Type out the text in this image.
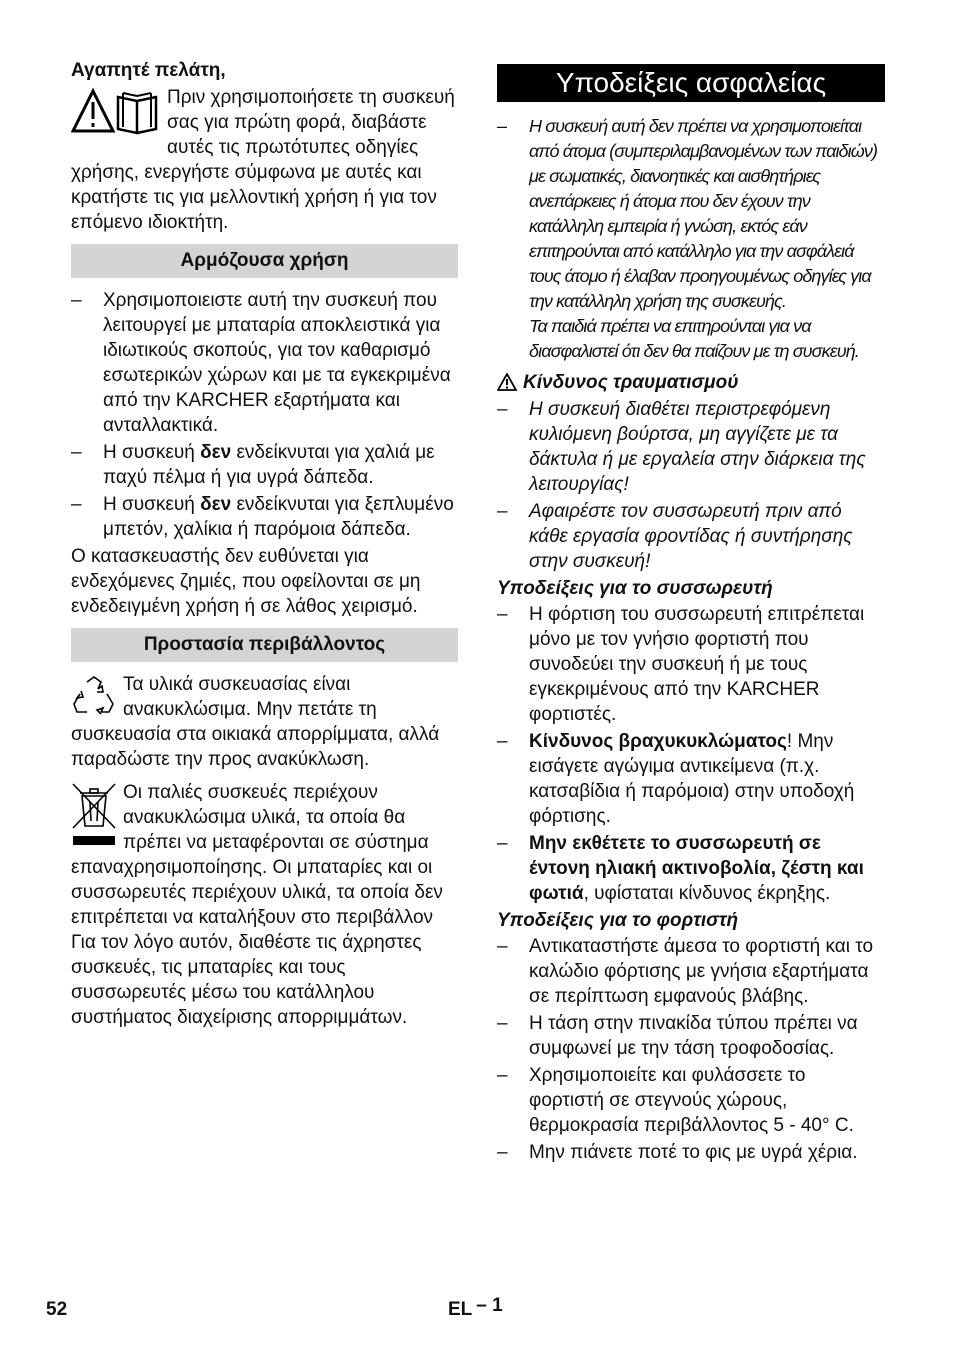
Αγαπητέ πελάτη,

Πριν χρησιμοποιήσετε τη συσκευή σας για πρώτη φορά, διαβάστε αυτές τις πρωτότυπες οδηγίες χρήσης, ενεργήστε σύμφωνα με αυτές και κρατήστε τις για μελλοντική χρήση ή για τον επόμενο ιδιοκτήτη.

Αρμόζουσα χρήση
– Χρησιμοποιειστε αυτή την συσκευή που λειτουργεί με μπαταρία αποκλειστικά για ιδιωτικούς σκοπούς, για τον καθαρισμό εσωτερικών χώρων και με τα εγκεκριμένα από την KARCHER εξαρτήματα και ανταλλακτικά.
– Η συσκευή δεν ενδείκνυται για χαλιά με παχύ πέλμα ή για υγρά δάπεδα.
– Η συσκευή δεν ενδείκνυται για ξεπλυμένο μπετόν, χαλίκια ή παρόμοια δάπεδα.

Ο κατασκευαστής δεν ευθύνεται για ενδεχόμενες ζημιές, που οφείλονται σε μη ενδεδειγμένη χρήση ή σε λάθος χειρισμό.

Προστασία περιβάλλοντος

Τα υλικά συσκευασίας είναι ανακυκλώσιμα. Μην πετάτε τη συσκευασία στα οικιακά απορρίμματα, αλλά παραδώστε την προς ανακύκλωση.

Οι παλιές συσκευές περιέχουν ανακυκλώσιμα υλικά, τα οποία θα πρέπει να μεταφέρονται σε σύστημα επαναχρησιμοποίησης. Οι μπαταρίες και οι συσσωρευτές περιέχουν υλικά, τα οποία δεν επιτρέπεται να καταλήξουν στο περιβάλλον Για τον λόγο αυτόν, διαθέστε τις άχρηστες συσκευές, τις μπαταρίες και τους συσσωρευτές μέσω του κατάλληλου συστήματος διαχείρισης απορριμμάτων.

Υποδείξεις ασφαλείας
– Η συσκευή αυτή δεν πρέπει να χρησιμοποιείται από άτομα (συμπεριλαμβανομένων των παιδιών) με σωματικές, διανοητικές και αισθητήριες ανεπάρκειες ή άτομα που δεν έχουν την κατάλληλη εμπειρία ή γνώση, εκτός εάν επιτηρούνται από κατάλληλο για την ασφάλειά τους άτομο ή έλαβαν προηγουμένως οδηγίες για την κατάλληλη χρήση της συσκευής.
Τα παιδιά πρέπει να επιτηρούνται για να διασφαλιστεί ότι δεν θα παίζουν με τη συσκευή.
Κίνδυνος τραυματισμού
– Η συσκευή διαθέτει περιστρεφόμενη κυλιόμενη βούρτσα, μη αγγίζετε με τα δάκτυλα ή με εργαλεία στην διάρκεια της λειτουργίας!
– Αφαιρέστε τον συσσωρευτή πριν από κάθε εργασία φροντίδας ή συντήρησης στην συσκευή!
Υποδείξεις για το συσσωρευτή
– Η φόρτιση του συσσωρευτή επιτρέπεται μόνο με τον γνήσιο φορτιστή που συνοδεύει την συσκευή ή με τους εγκεκριμένους από την KARCHER φορτιστές.
– Κίνδυνος βραχυκυκλώματος! Μην εισάγετε αγώγιμα αντικείμενα (π.χ. κατσαβίδια ή παρόμοια) στην υποδοχή φόρτισης.
– Μην εκθέτετε το συσσωρευτή σε έντονη ηλιακή ακτινοβολία, ζέστη και φωτιά, υφίσταται κίνδυνος έκρηξης.
Υποδείξεις για το φορτιστή
– Αντικαταστήστε άμεσα το φορτιστή και το καλώδιο φόρτισης με γνήσια εξαρτήματα σε περίπτωση εμφανούς βλάβης.
– Η τάση στην πινακίδα τύπου πρέπει να συμφωνεί με την τάση τροφοδοσίας.
– Χρησιμοποιείτε και φυλάσσετε το φορτιστή σε στεγνούς χώρους, θερμοκρασία περιβάλλοντος 5 - 40° C.
– Μην πιάνετε ποτέ το φις με υγρά χέρια.
52	EL – 1
